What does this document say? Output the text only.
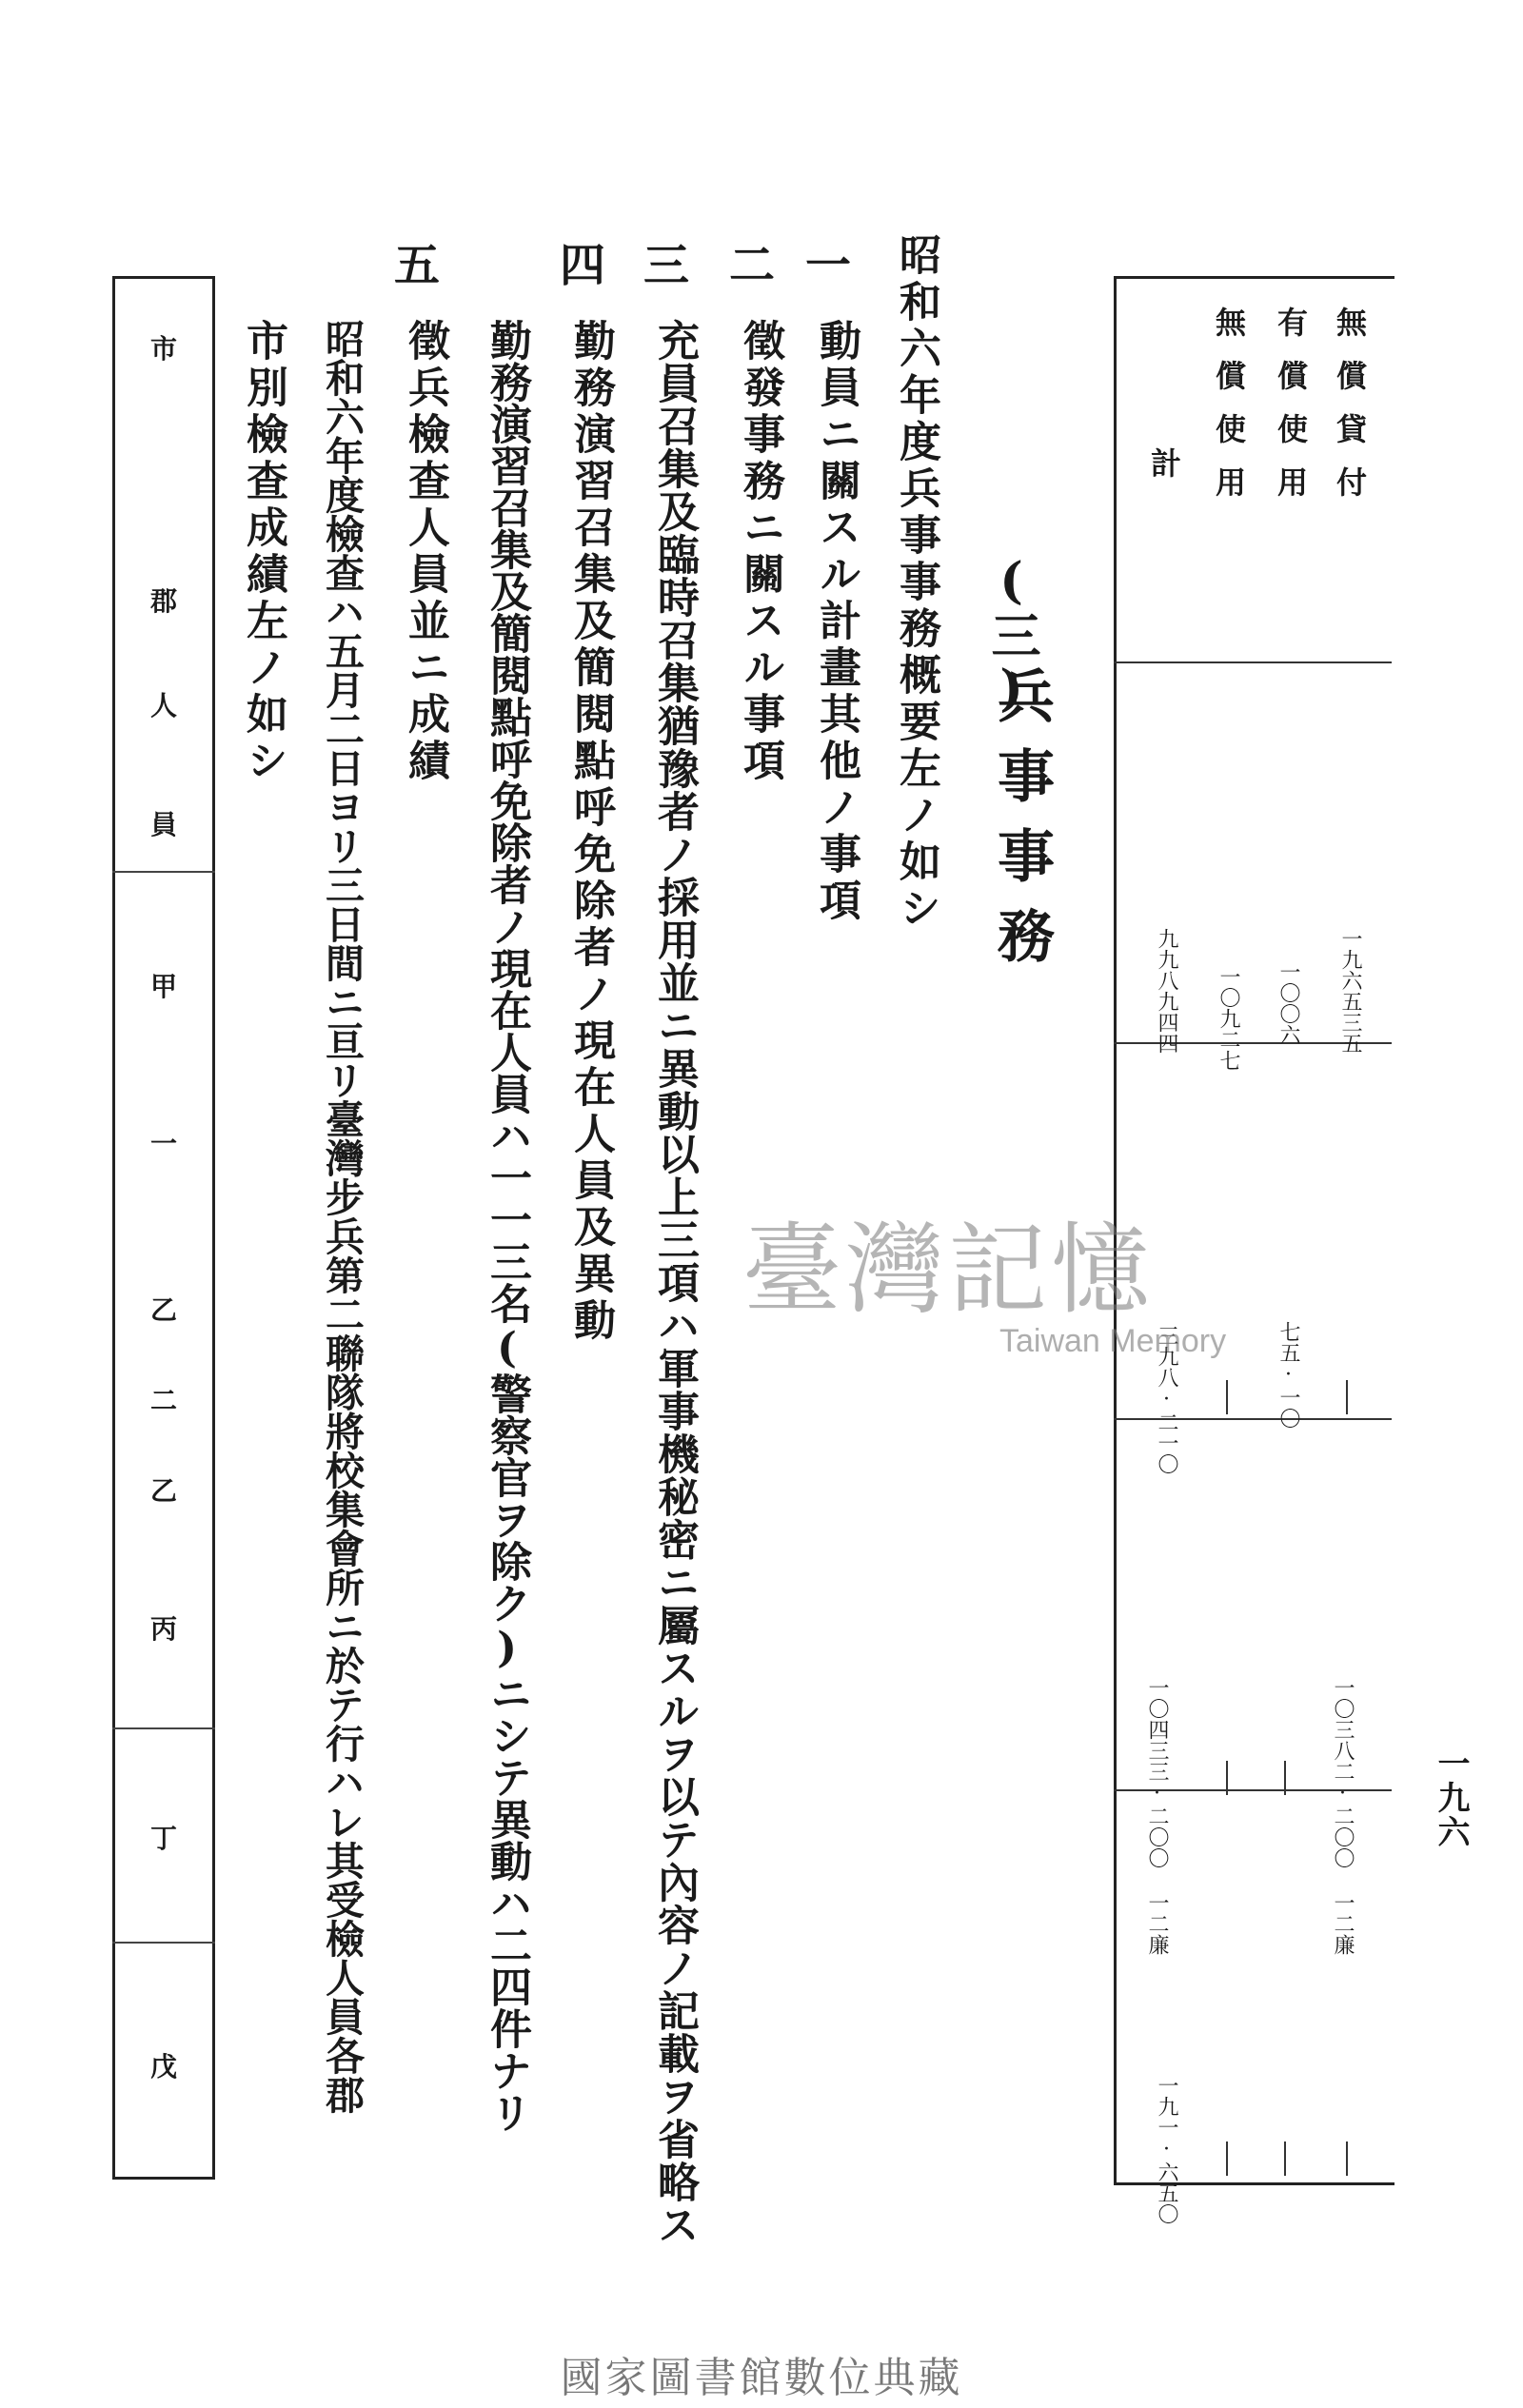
無償貸付
有償使用
無償使用
計
一九六五三五
一〇〇六
一〇九二七
九九八九四四
七五·一〇
三九八·二一〇
一〇三八二·二〇〇 一二廉
一〇四三三·二〇〇 一二廉
一九一·六五〇
一九六
(三)
兵事事務
昭和六年度兵事事務概要左ノ如シ
一
二
三
四
五
動員ニ關スル計畫其他ノ事項
徵發事務ニ關スル事項
充員召集及臨時召集猶豫者ノ採用並ニ異動以上三項ハ軍事機秘密ニ屬スルヲ以テ內容ノ記載ヲ省略ス
勤務演習召集及簡閱點呼免除者ノ現在人員及異動
勤務演習召集及簡閱點呼免除者ノ現在人員ハ一一三名(警察官ヲ除ク)ニシテ異動ハ二四件ナリ
徵兵檢查人員並ニ成績
昭和六年度檢查ハ五月二日ヨリ三日間ニ亘リ臺灣步兵第二聯隊將校集會所ニ於テ行ハレ其受檢人員各郡
市別檢查成績左ノ如シ
市
郡
人
員
甲
一
乙
二
乙
丙
丁
戊
臺灣記憶
Taiwan Memory
國家圖書館數位典藏
